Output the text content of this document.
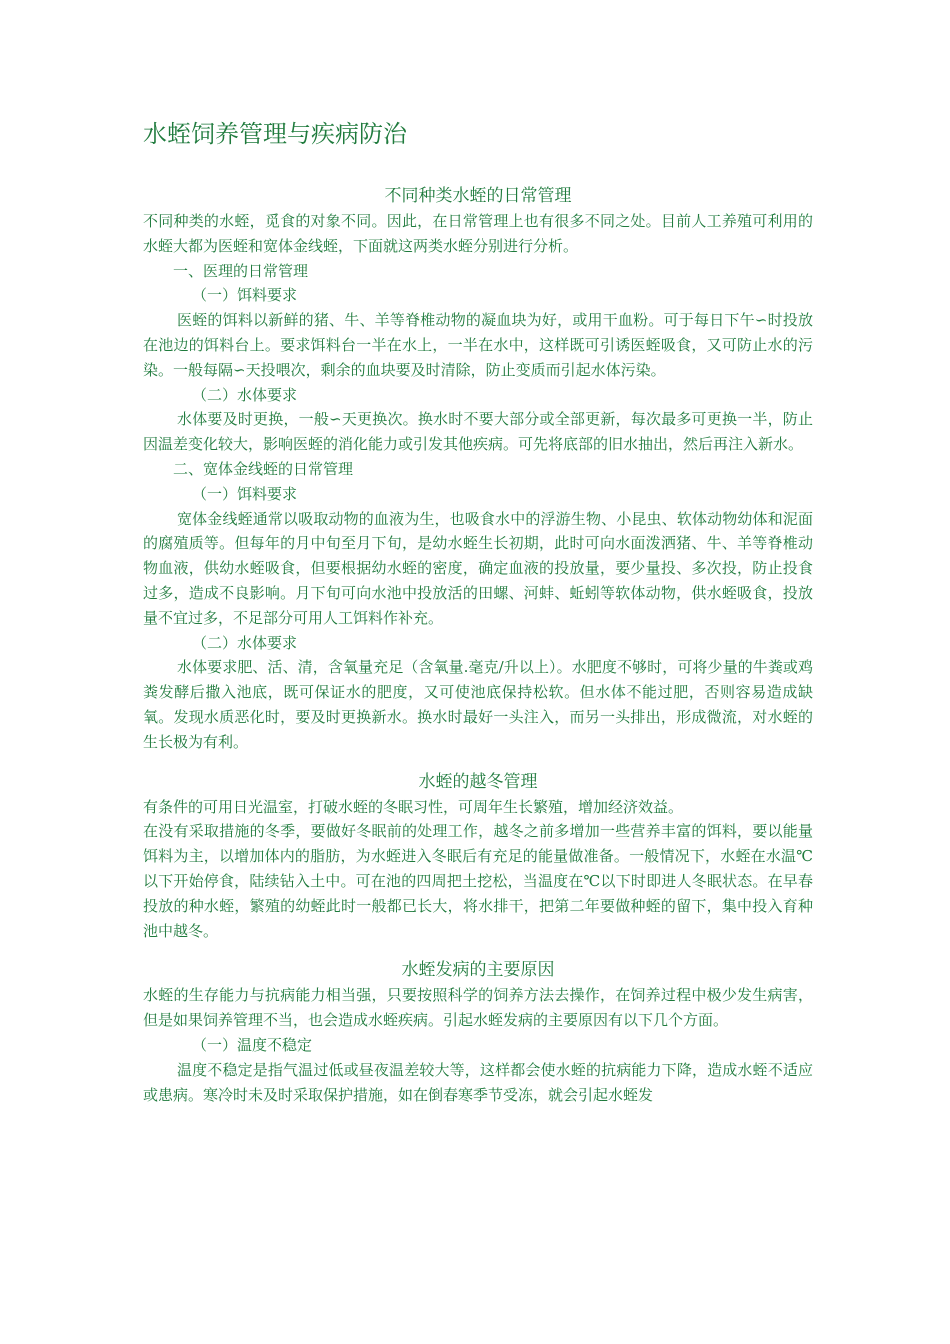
水蛭饲养管理与疾病防治
不同种类水蛭的日常管理

不同种类的水蛭，觅食的对象不同。因此，在日常管理上也有很多不同之处。目前人工养殖可利用的水蛭大都为医蛭和宽体金线蛭，下面就这两类水蛭分别进行分析。

一、医理的日常管理

（一）饵料要求

医蛭的饵料以新鲜的猪、牛、羊等脊椎动物的凝血块为好，或用干血粉。可于每日下午∽时投放在池边的饵料台上。要求饵料台一半在水上，一半在水中，这样既可引诱医蛭吸食，又可防止水的污染。一般每隔∽天投喂次，剩余的血块要及时清除，防止变质而引起水体污染。

（二）水体要求

水体要及时更换，一般∽天更换次。换水时不要大部分或全部更新，每次最多可更换一半，防止因温差变化较大，影响医蛭的消化能力或引发其他疾病。可先将底部的旧水抽出，然后再注入新水。

二、宽体金线蛭的日常管理

（一）饵料要求

宽体金线蛭通常以吸取动物的血液为生，也吸食水中的浮游生物、小昆虫、软体动物幼体和泥面的腐殖质等。但每年的月中旬至月下旬，是幼水蛭生长初期，此时可向水面泼洒猪、牛、羊等脊椎动物血液，供幼水蛭吸食，但要根据幼水蛭的密度，确定血液的投放量，要少量投、多次投，防止投食过多，造成不良影响。月下旬可向水池中投放活的田螺、河蚌、蚯蚓等软体动物，供水蛭吸食，投放量不宜过多，不足部分可用人工饵料作补充。

（二）水体要求

水体要求肥、活、清，含氧量充足（含氧量.毫克/升以上）。水肥度不够时，可将少量的牛粪或鸡粪发酵后撒入池底，既可保证水的肥度，又可使池底保持松软。但水体不能过肥，否则容易造成缺氧。发现水质恶化时，要及时更换新水。换水时最好一头注入，而另一头排出，形成微流，对水蛭的生长极为有利。

水蛭的越冬管理

有条件的可用日光温室，打破水蛭的冬眠习性，可周年生长繁殖，增加经济效益。

在没有采取措施的冬季，要做好冬眠前的处理工作，越冬之前多增加一些营养丰富的饵料，要以能量饵料为主，以增加体内的脂肪，为水蛭进入冬眠后有充足的能量做准备。一般情况下，水蛭在水温℃以下开始停食，陆续钻入土中。可在池的四周把土挖松，当温度在℃以下时即进人冬眠状态。在早春投放的种水蛭，繁殖的幼蛭此时一般都已长大，将水排干，把第二年要做种蛭的留下，集中投入育种池中越冬。

水蛭发病的主要原因

水蛭的生存能力与抗病能力相当强，只要按照科学的饲养方法去操作，在饲养过程中极少发生病害，但是如果饲养管理不当，也会造成水蛭疾病。引起水蛭发病的主要原因有以下几个方面。

（一）温度不稳定

温度不稳定是指气温过低或昼夜温差较大等，这样都会使水蛭的抗病能力下降，造成水蛭不适应或患病。寒冷时未及时采取保护措施，如在倒春寒季节受冻，就会引起水蛭发
